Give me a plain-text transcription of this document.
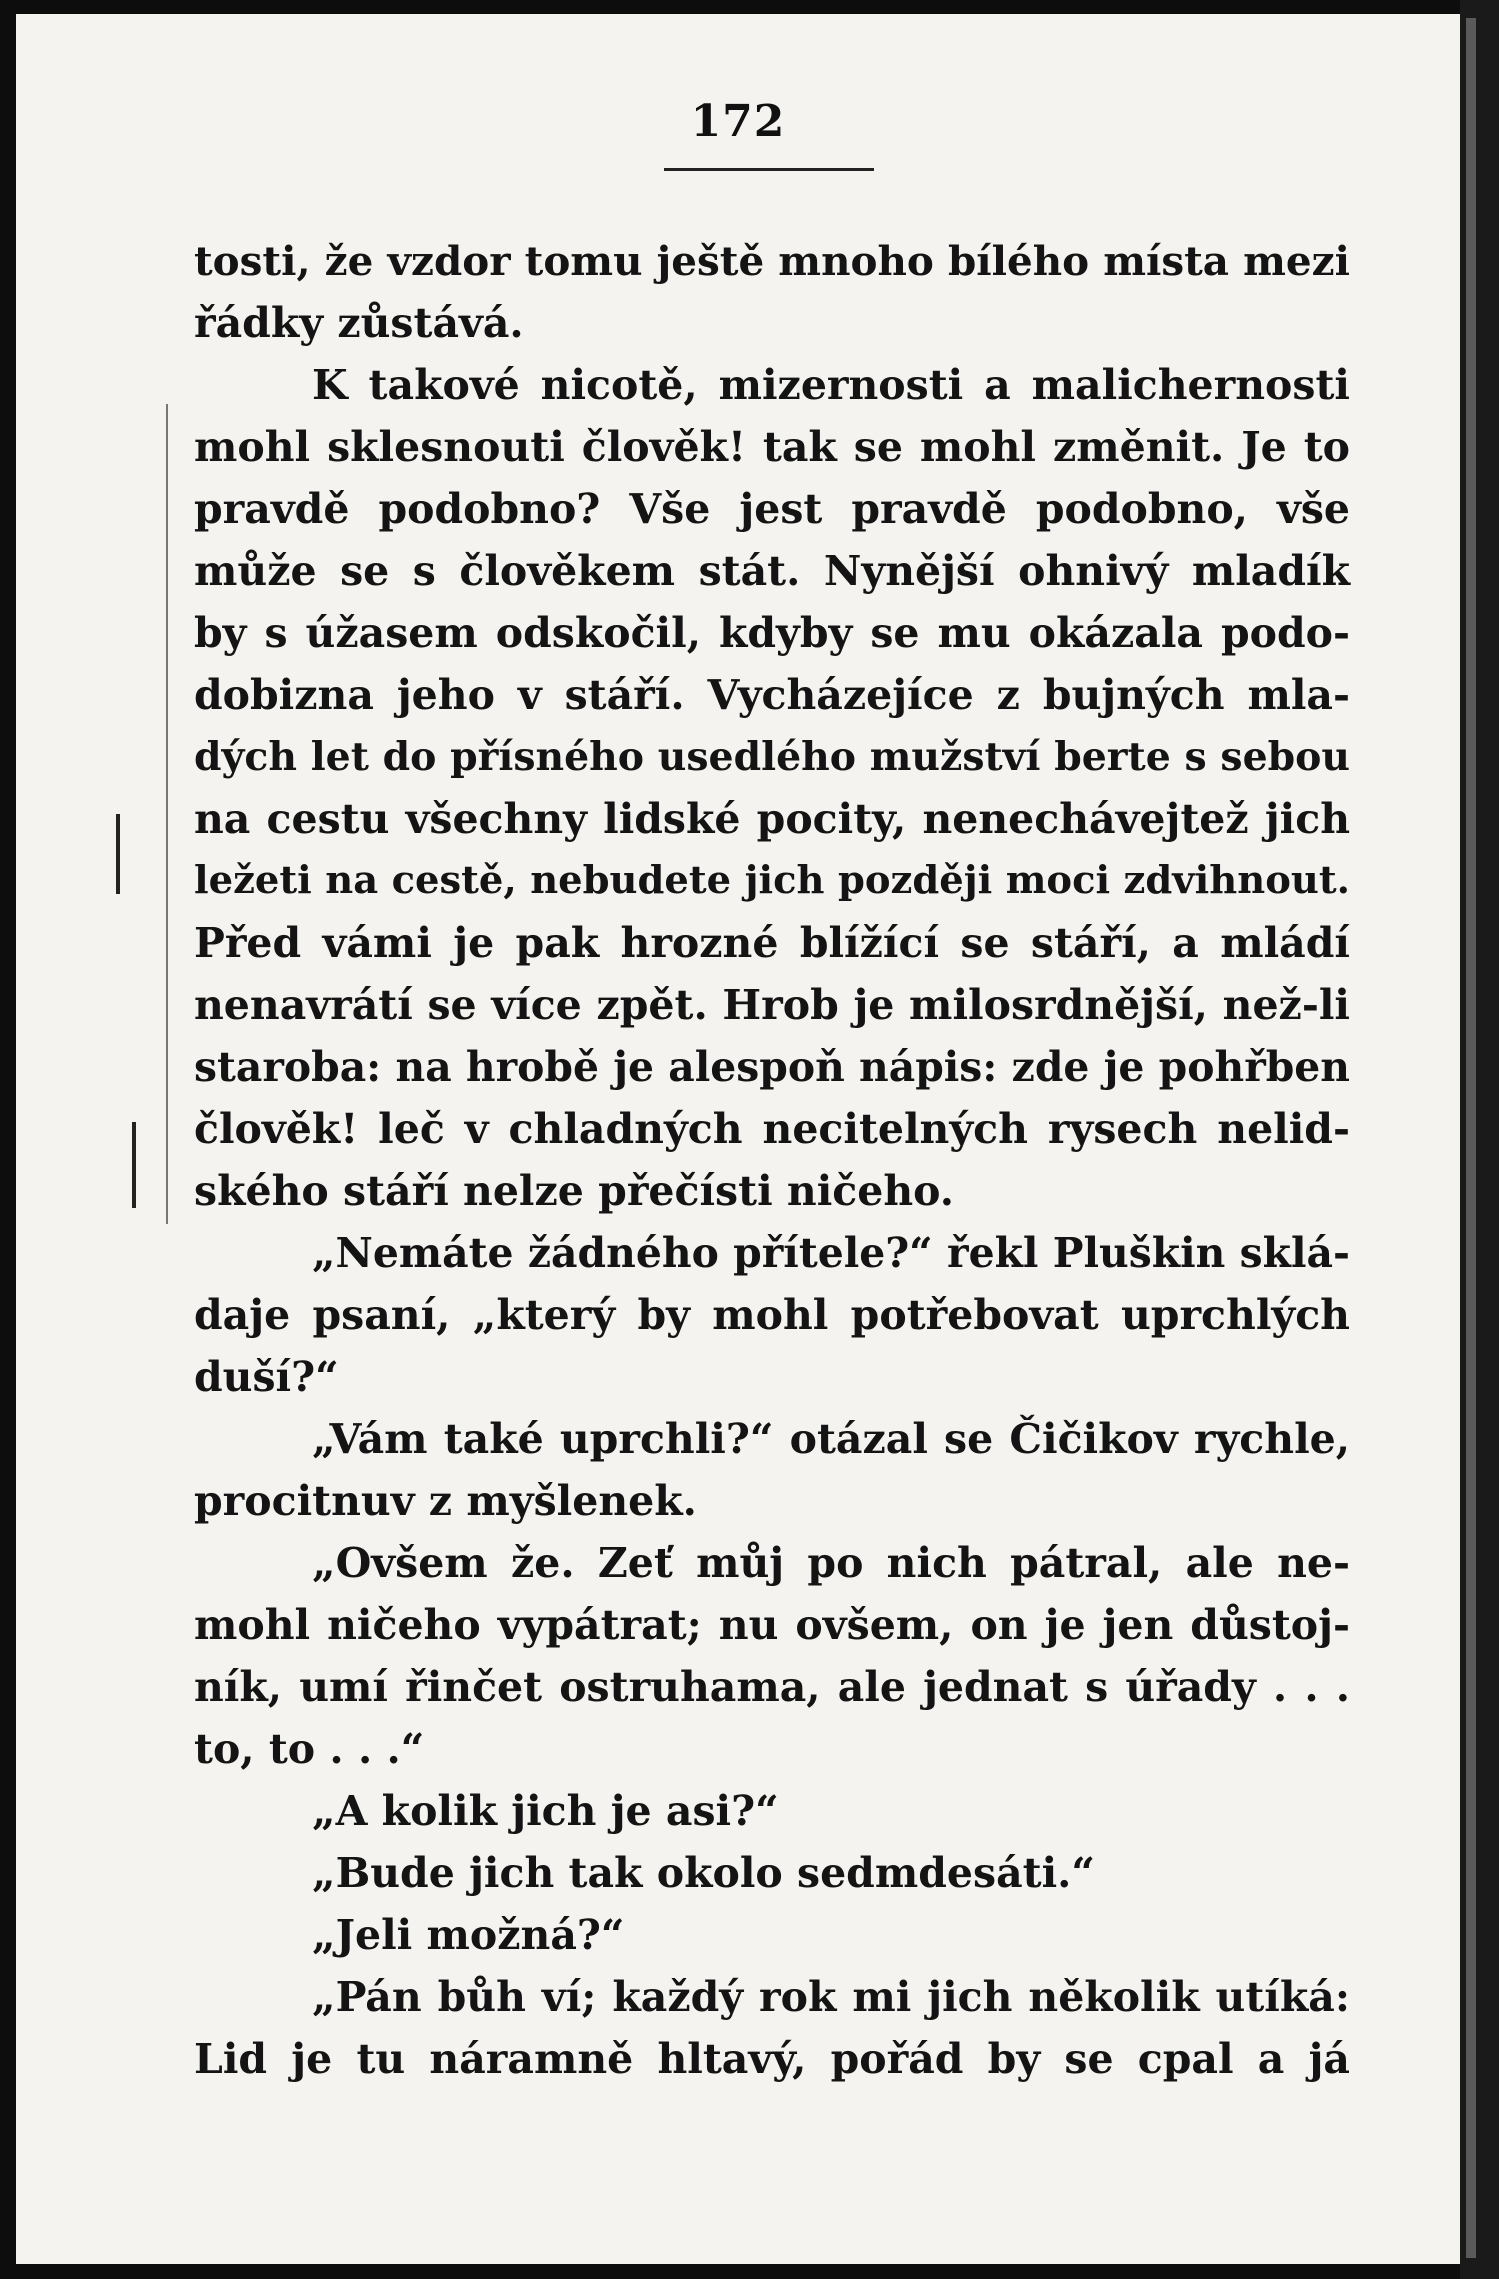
172
tosti, že vzdor tomu ještě mnoho bílého místa mezi
řádky zůstává.
K takové nicotě, mizernosti a malichernosti
mohl sklesnouti člověk! tak se mohl změnit. Je to
pravdě podobno? Vše jest pravdě podobno, vše
může se s člověkem stát. Nynější ohnivý mladík
by s úžasem odskočil, kdyby se mu okázala podo-
dobizna jeho v stáří. Vycházejíce z bujných mla-
dých let do přísného usedlého mužství berte s sebou
na cestu všechny lidské pocity, nenechávejtež jich
ležeti na cestě, nebudete jich později moci zdvihnout.
Před vámi je pak hrozné blížící se stáří, a mládí
nenavrátí se více zpět. Hrob je milosrdnější, než-li
staroba: na hrobě je alespoň nápis: zde je pohřben
člověk! leč v chladných necitelných rysech nelid-
ského stáří nelze přečísti ničeho.
„Nemáte žádného přítele?“ řekl Pluškin sklá-
daje psaní, „který by mohl potřebovat uprchlých
duší?“
„Vám také uprchli?“ otázal se Čičikov rychle,
procitnuv z myšlenek.
„Ovšem že. Zeť můj po nich pátral, ale ne-
mohl ničeho vypátrat; nu ovšem, on je jen důstoj-
ník, umí řinčet ostruhama, ale jednat s úřady . . .
to, to . . .“
„A kolik jich je asi?“
„Bude jich tak okolo sedmdesáti.“
„Jeli možná?“
„Pán bůh ví; každý rok mi jich několik utíká:
Lid je tu náramně hltavý, pořád by se cpal a já
